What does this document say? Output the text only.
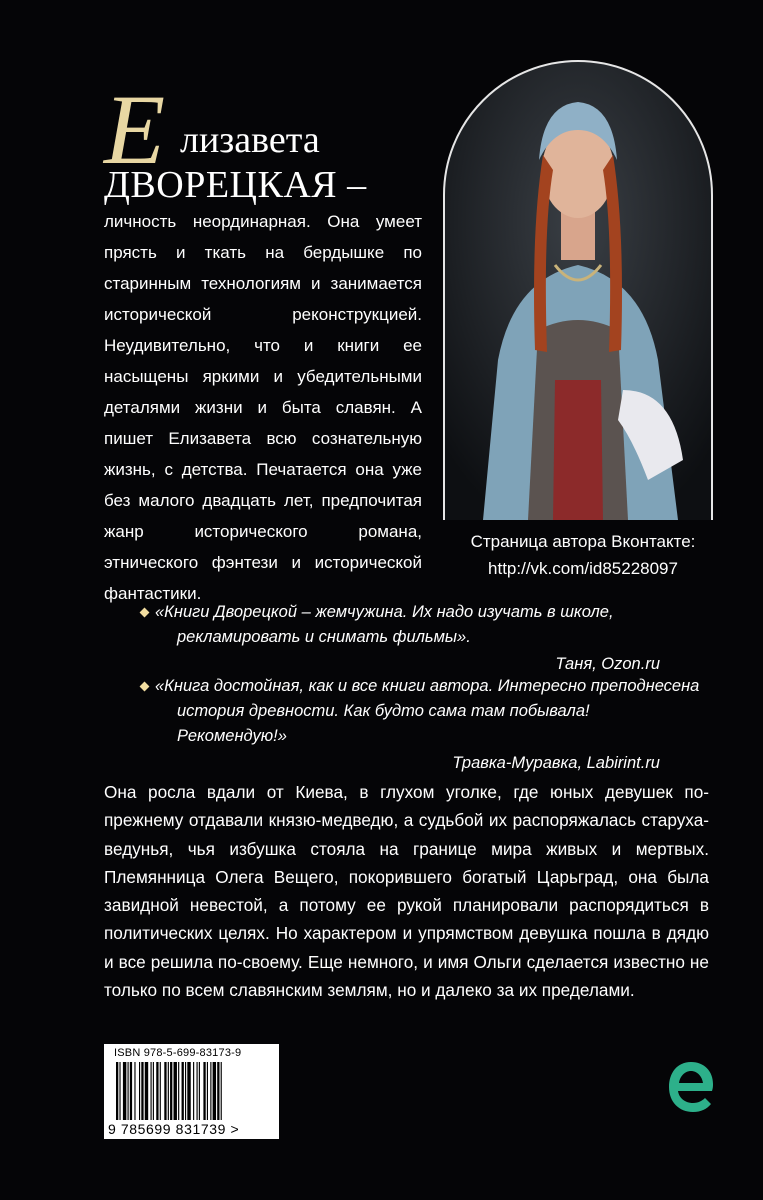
Е лизавета
ДВОРЕЦКАЯ –
личность неординарная. Она умеет прясть и ткать на бердышке по старинным технологиям и занимается исторической реконструкцией. Неудивительно, что и книги ее насыщены яркими и убедительными деталями жизни и быта славян. А пишет Елизавета всю сознательную жизнь, с детства. Печатается она уже без малого двадцать лет, предпочитая жанр исторического романа, этнического фэнтези и исторической фантастики.
Страница автора Вконтакте:
http://vk.com/id85228097

«Книги Дворецкой – жемчужина. Их надо изучать в школе, рекламировать и снимать фильмы».

Таня, Ozon.ru

«Книга достойная, как и все книги автора. Интересно преподнесена история древности. Как будто сама там побывала! Рекомендую!»

Травка-Муравка, Labirint.ru
Она росла вдали от Киева, в глухом уголке, где юных девушек по-прежнему отдавали князю-медведю, а судьбой их распоряжалась старуха-ведунья, чья избушка стояла на границе мира живых и мертвых. Племянница Олега Вещего, покорившего богатый Царьград, она была завидной невестой, а потому ее рукой планировали распорядиться в политических целях. Но характером и упрямством девушка пошла в дядю и все решила по-своему. Еще немного, и имя Ольги сделается известно не только по всем славянским землям, но и далеко за их пределами.
ISBN 978-5-699-83173-9
9 785699 831739 >
